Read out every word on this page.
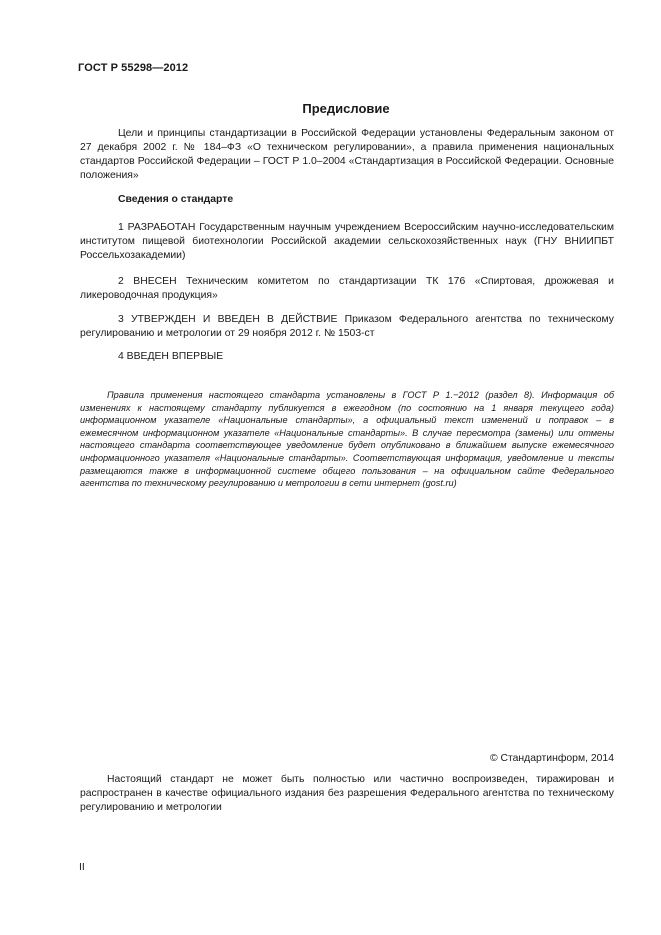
ГОСТ Р 55298—2012
Предисловие
Цели и принципы стандартизации в Российской Федерации установлены Федеральным законом от 27 декабря 2002 г. № 184–ФЗ «О техническом регулировании», а правила применения национальных стандартов Российской Федерации – ГОСТ Р 1.0–2004 «Стандартизация в Российской Федерации. Основные положения»
Сведения о стандарте
1 РАЗРАБОТАН Государственным научным учреждением Всероссийским научно-исследовательским институтом пищевой биотехнологии Российской академии сельскохозяйственных наук (ГНУ ВНИИПБТ Россельхозакадемии)
2 ВНЕСЕН Техническим комитетом по стандартизации ТК 176 «Спиртовая, дрожжевая и ликероводочная продукция»
3 УТВЕРЖДЕН И ВВЕДЕН В ДЕЙСТВИЕ Приказом Федерального агентства по техническому регулированию и метрологии от 29 ноября 2012 г. № 1503-ст
4 ВВЕДЕН ВПЕРВЫЕ
Правила применения настоящего стандарта установлены в ГОСТ Р 1.−2012 (раздел 8). Информация об изменениях к настоящему стандарту публикуется в ежегодном (по состоянию на 1 января текущего года) информационном указателе «Национальные стандарты», а официальный текст изменений и поправок – в ежемесячном информационном указателе «Национальные стандарты». В случае пересмотра (замены) или отмены настоящего стандарта соответствующее уведомление будет опубликовано в ближайшем выпуске ежемесячного информационного указателя «Национальные стандарты». Соответствующая информация, уведомление и тексты размещаются также в информационной системе общего пользования – на официальном сайте Федерального агентства по техническому регулированию и метрологии в сети интернет (gost.ru)
© Стандартинформ, 2014
Настоящий стандарт не может быть полностью или частично воспроизведен, тиражирован и распространен в качестве официального издания без разрешения Федерального агентства по техническому регулированию и метрологии
II
